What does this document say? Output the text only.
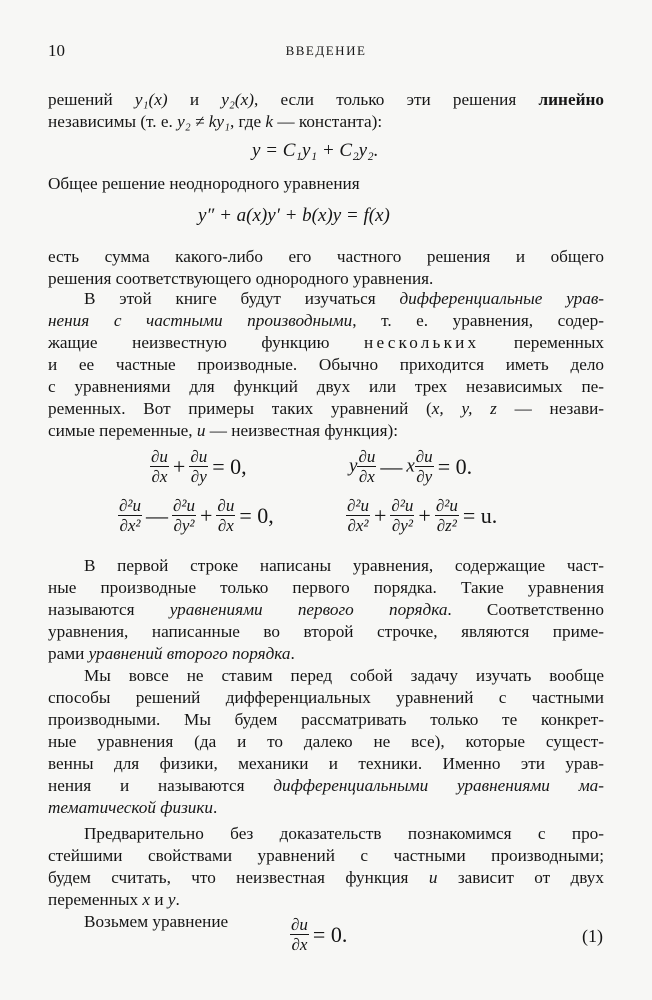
10	ВВЕДЕНИЕ
решений y₁(x) и y₂(x), если только эти решения линейно
независимы (т. е. y₂ ≠ ky₁, где k — константа):
y = C₁y₁ + C₂y₂.
Общее решение неоднородного уравнения
y″ + a(x)y′ + b(x)y = f(x)
есть сумма какого-либо его частного решения и общего
решения соответствующего однородного уравнения.
В этой книге будут изучаться дифференциальные урав-
нения с частными производными, т. е. уравнения, содер-
жащие неизвестную функцию нескольких переменных
и ее частные производные. Обычно приходится иметь дело
с уравнениями для функций двух или трех независимых пе-
ременных. Вот примеры таких уравнений (x, y, z — незави-
симые переменные, u — неизвестная функция):
$\frac{\partial u}{\partial x} + \frac{\partial u}{\partial y} = 0$,	y $\frac{\partial u}{\partial x}$ — x $\frac{\partial u}{\partial y} = 0$.
$\frac{\text{∂²u}}{\text{∂x²}}$ — $\frac{\text{∂²u}}{\text{∂y²}} + \frac{\partial u}{\partial x} = 0$,	$\frac{\text{∂²u}}{\text{∂x²}} + \frac{\text{∂²u}}{\text{∂y²}} + \frac{\text{∂²u}}{\text{∂z²}} = u$.
В первой строке написаны уравнения, содержащие част-
ные производные только первого порядка. Такие уравнения
называются уравнениями первого порядка. Соответственно
уравнения, написанные во второй строчке, являются приме-
рами уравнений второго порядка.
Мы вовсе не ставим перед собой задачу изучать вообще
способы решений дифференциальных уравнений с частными
производными. Мы будем рассматривать только те конкрет-
ные уравнения (да и то далеко не все), которые сущест-
венны для физики, механики и техники. Именно эти урав-
нения и называются дифференциальными уравнениями ма-
тематической физики.
Предварительно без доказательств познакомимся с про-
стейшими свойствами уравнений с частными производными;
будем считать, что неизвестная функция u зависит от двух
переменных x и y.
Возьмем уравнение	$\frac{\partial u}{\partial x} = 0$.	(1)
